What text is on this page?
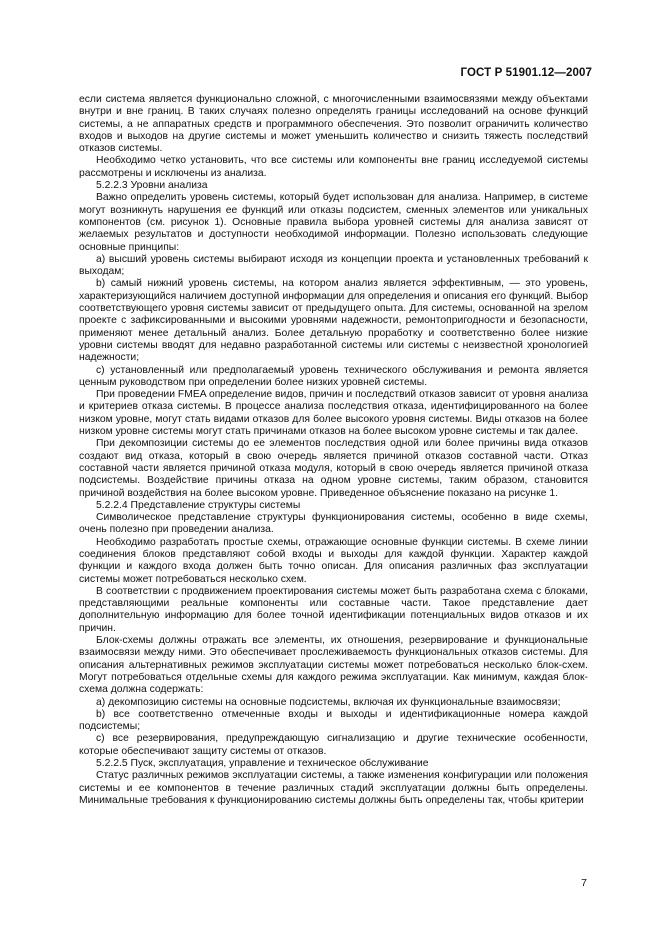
ГОСТ Р 51901.12—2007

если система является функционально сложной, с многочисленными взаимосвязями между объектами внутри и вне границ. В таких случаях полезно определять границы исследований на основе функций системы, а не аппаратных средств и программного обеспечения. Это позволит ограничить количество входов и выходов на другие системы и может уменьшить количество и снизить тяжесть последствий отказов системы.

Необходимо четко установить, что все системы или компоненты вне границ исследуемой системы рассмотрены и исключены из анализа.

5.2.2.3 Уровни анализа

Важно определить уровень системы, который будет использован для анализа. Например, в системе могут возникнуть нарушения ее функций или отказы подсистем, сменных элементов или уникальных компонентов (см. рисунок 1). Основные правила выбора уровней системы для анализа зависят от желаемых результатов и доступности необходимой информации. Полезно использовать следующие основные принципы:

a) высший уровень системы выбирают исходя из концепции проекта и установленных требований к выходам;

b) самый нижний уровень системы, на котором анализ является эффективным, — это уровень, характеризующийся наличием доступной информации для определения и описания его функций. Выбор соответствующего уровня системы зависит от предыдущего опыта. Для системы, основанной на зрелом проекте с зафиксированными и высокими уровнями надежности, ремонтопригодности и безопасности, применяют менее детальный анализ. Более детальную проработку и соответственно более низкие уровни системы вводят для недавно разработанной системы или системы с неизвестной хронологией надежности;

c) установленный или предполагаемый уровень технического обслуживания и ремонта является ценным руководством при определении более низких уровней системы.

При проведении FMEA определение видов, причин и последствий отказов зависит от уровня анализа и критериев отказа системы. В процессе анализа последствия отказа, идентифицированного на более низком уровне, могут стать видами отказов для более высокого уровня системы. Виды отказов на более низком уровне системы могут стать причинами отказов на более высоком уровне системы и так далее.

При декомпозиции системы до ее элементов последствия одной или более причины вида отказов создают вид отказа, который в свою очередь является причиной отказов составной части. Отказ составной части является причиной отказа модуля, который в свою очередь является причиной отказа подсистемы. Воздействие причины отказа на одном уровне системы, таким образом, становится причиной воздействия на более высоком уровне. Приведенное объяснение показано на рисунке 1.

5.2.2.4 Представление структуры системы

Символическое представление структуры функционирования системы, особенно в виде схемы, очень полезно при проведении анализа.

Необходимо разработать простые схемы, отражающие основные функции системы. В схеме линии соединения блоков представляют собой входы и выходы для каждой функции. Характер каждой функции и каждого входа должен быть точно описан. Для описания различных фаз эксплуатации системы может потребоваться несколько схем.

В соответствии с продвижением проектирования системы может быть разработана схема с блоками, представляющими реальные компоненты или составные части. Такое представление дает дополнительную информацию для более точной идентификации потенциальных видов отказов и их причин.

Блок-схемы должны отражать все элементы, их отношения, резервирование и функциональные взаимосвязи между ними. Это обеспечивает прослеживаемость функциональных отказов системы. Для описания альтернативных режимов эксплуатации системы может потребоваться несколько блок-схем. Могут потребоваться отдельные схемы для каждого режима эксплуатации. Как минимум, каждая блок-схема должна содержать:

a) декомпозицию системы на основные подсистемы, включая их функциональные взаимосвязи;

b) все соответственно отмеченные входы и выходы и идентификационные номера каждой подсистемы;

c) все резервирования, предупреждающую сигнализацию и другие технические особенности, которые обеспечивают защиту системы от отказов.

5.2.2.5 Пуск, эксплуатация, управление и техническое обслуживание

Статус различных режимов эксплуатации системы, а также изменения конфигурации или положения системы и ее компонентов в течение различных стадий эксплуатации должны быть определены. Минимальные требования к функционированию системы должны быть определены так, чтобы критерии

7
